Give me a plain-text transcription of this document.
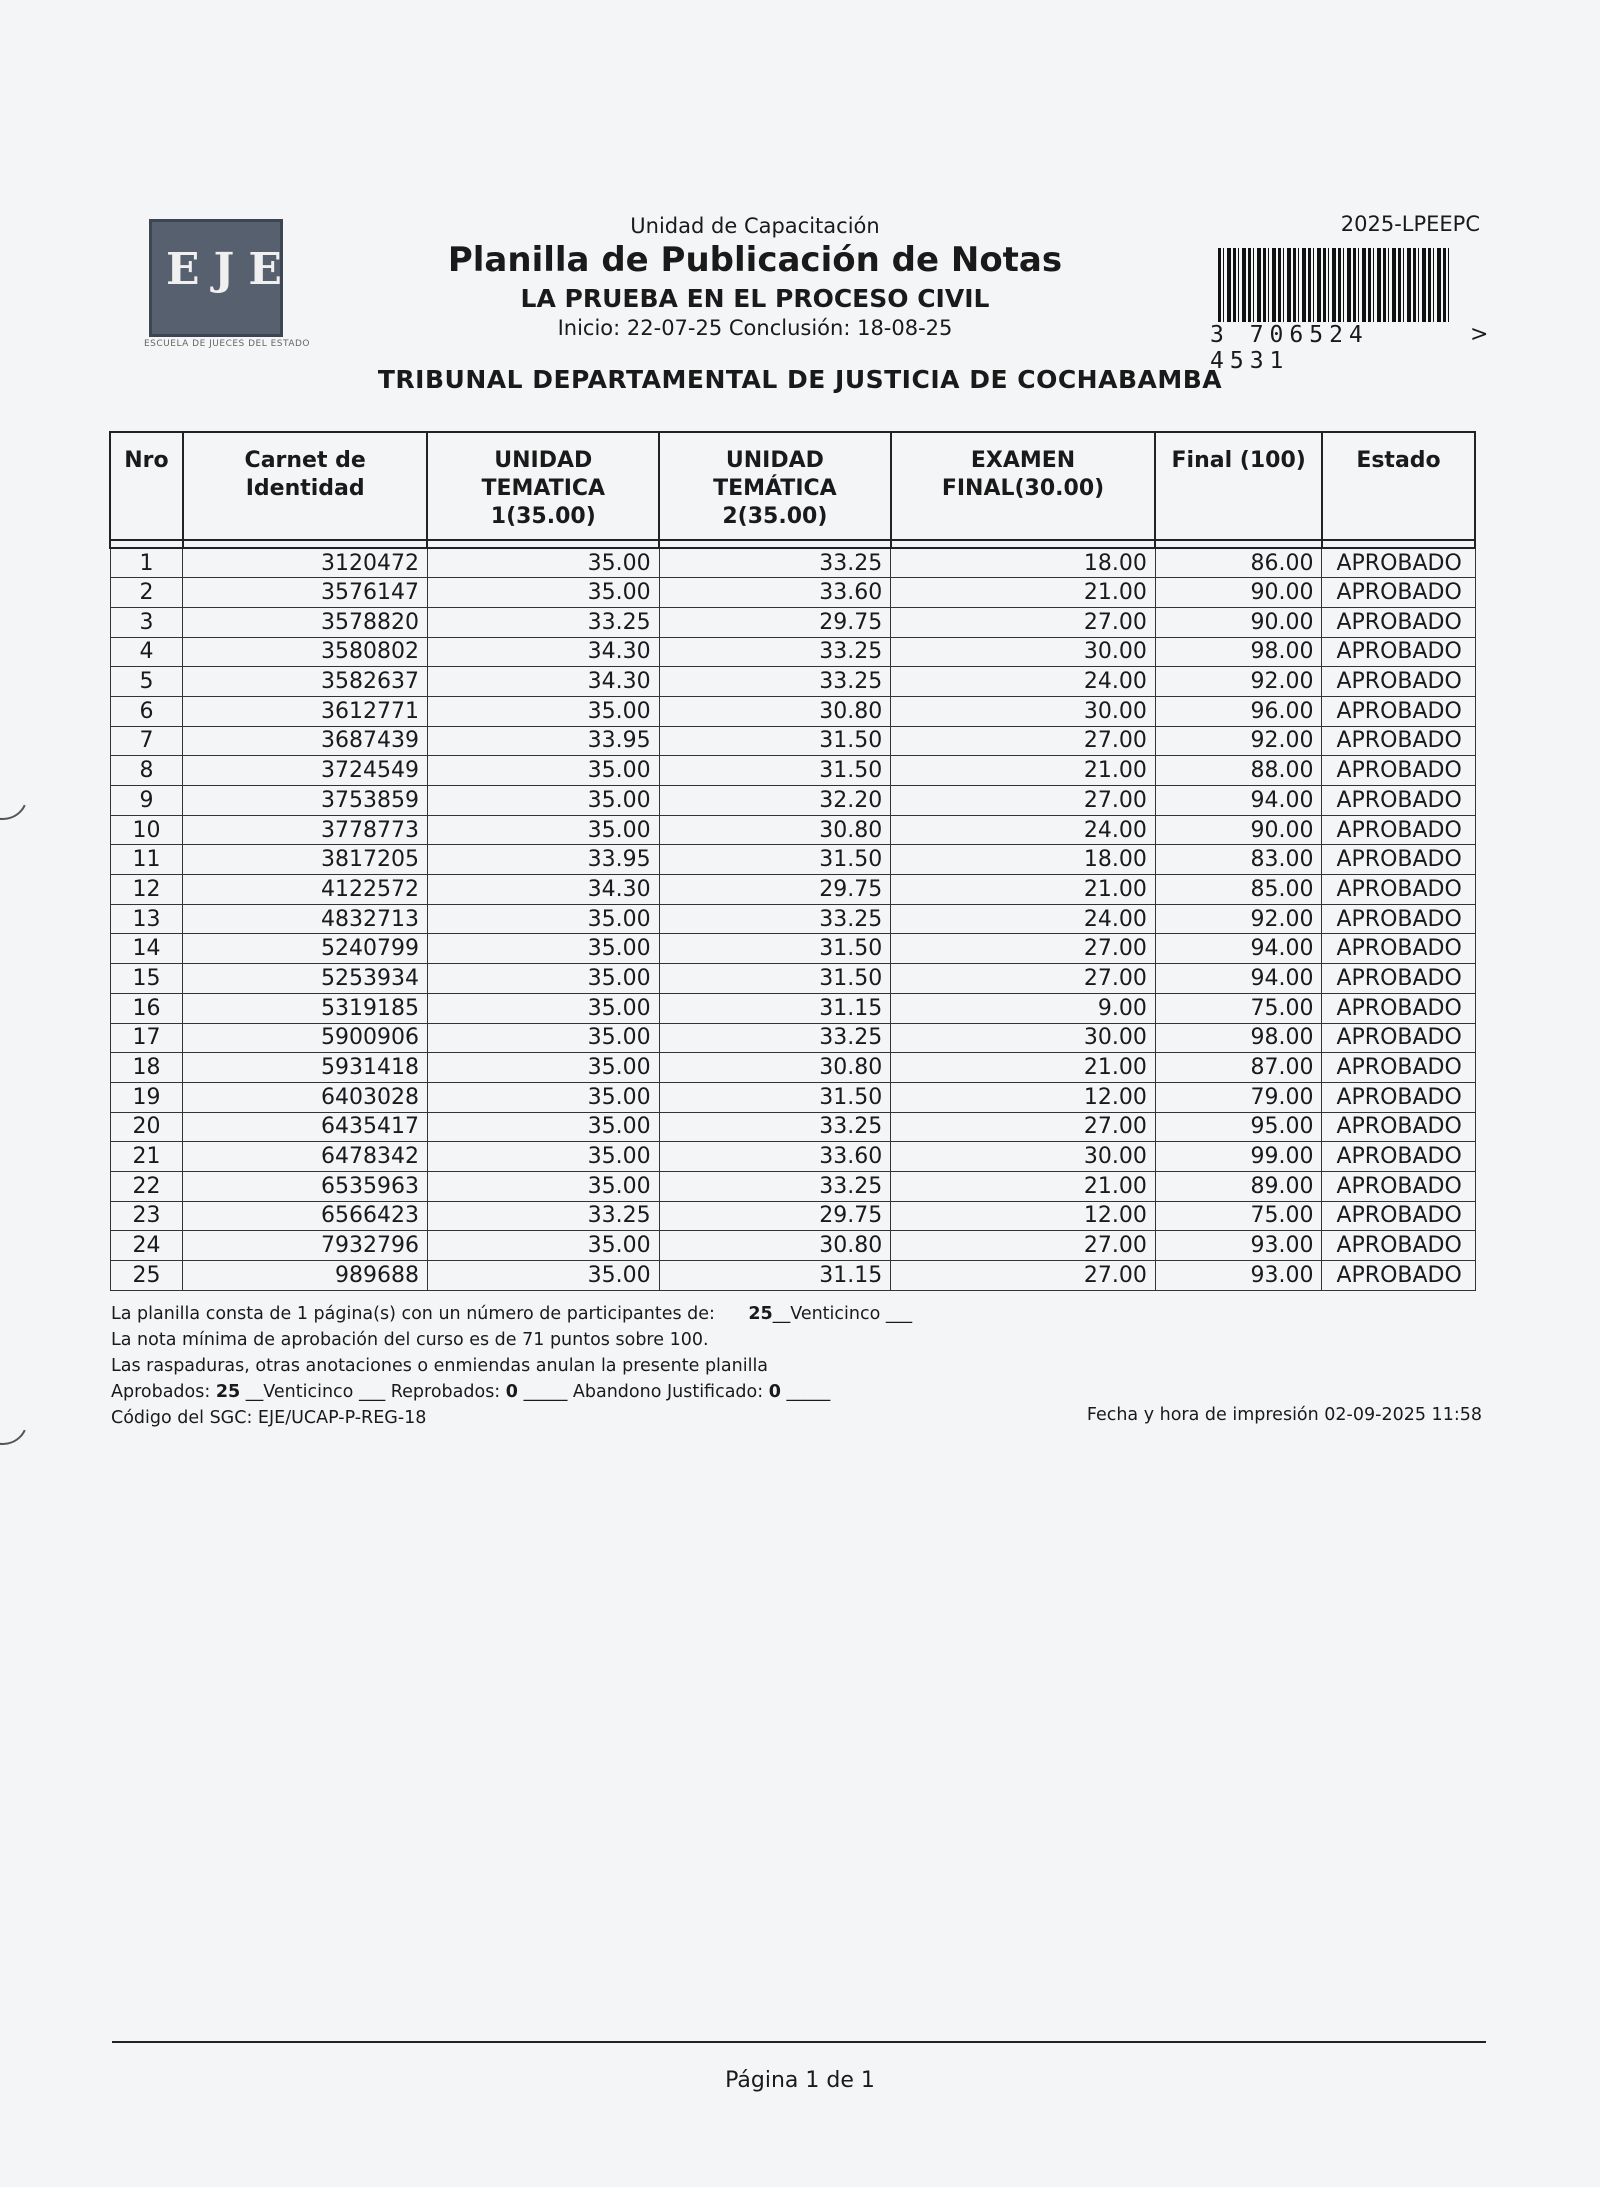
EJE
ESCUELA DE JUECES DEL ESTADO
Unidad de Capacitación
Planilla de Publicación de Notas
LA PRUEBA EN EL PROCESO CIVIL
Inicio: 22-07-25 Conclusión: 18-08-25
2025-LPEEPC
3 706524 4531
>
TRIBUNAL DEPARTAMENTAL DE JUSTICIA DE COCHABAMBA
Nro	Carnet de Identidad	UNIDAD TEMATICA 1(35.00)	UNIDAD TEMÁTICA 2(35.00)	EXAMEN FINAL(30.00)	Final (100)	Estado

1	3120472	35.00	33.25	18.00	86.00	APROBADO
2	3576147	35.00	33.60	21.00	90.00	APROBADO
3	3578820	33.25	29.75	27.00	90.00	APROBADO
4	3580802	34.30	33.25	30.00	98.00	APROBADO
5	3582637	34.30	33.25	24.00	92.00	APROBADO
6	3612771	35.00	30.80	30.00	96.00	APROBADO
7	3687439	33.95	31.50	27.00	92.00	APROBADO
8	3724549	35.00	31.50	21.00	88.00	APROBADO
9	3753859	35.00	32.20	27.00	94.00	APROBADO
10	3778773	35.00	30.80	24.00	90.00	APROBADO
11	3817205	33.95	31.50	18.00	83.00	APROBADO
12	4122572	34.30	29.75	21.00	85.00	APROBADO
13	4832713	35.00	33.25	24.00	92.00	APROBADO
14	5240799	35.00	31.50	27.00	94.00	APROBADO
15	5253934	35.00	31.50	27.00	94.00	APROBADO
16	5319185	35.00	31.15	9.00	75.00	APROBADO
17	5900906	35.00	33.25	30.00	98.00	APROBADO
18	5931418	35.00	30.80	21.00	87.00	APROBADO
19	6403028	35.00	31.50	12.00	79.00	APROBADO
20	6435417	35.00	33.25	27.00	95.00	APROBADO
21	6478342	35.00	33.60	30.00	99.00	APROBADO
22	6535963	35.00	33.25	21.00	89.00	APROBADO
23	6566423	33.25	29.75	12.00	75.00	APROBADO
24	7932796	35.00	30.80	27.00	93.00	APROBADO
25	989688	35.00	31.15	27.00	93.00	APROBADO
La planilla consta de 1 página(s) con un número de participantes de: 25__Venticinco ___
La nota mínima de aprobación del curso es de 71 puntos sobre 100.
Las raspaduras, otras anotaciones o enmiendas anulan la presente planilla
Aprobados: 25 __Venticinco ___ Reprobados: 0 _____ Abandono Justificado: 0 _____
Código del SGC: EJE/UCAP-P-REG-18	Fecha y hora de impresión 02-09-2025 11:58
Página 1 de 1
